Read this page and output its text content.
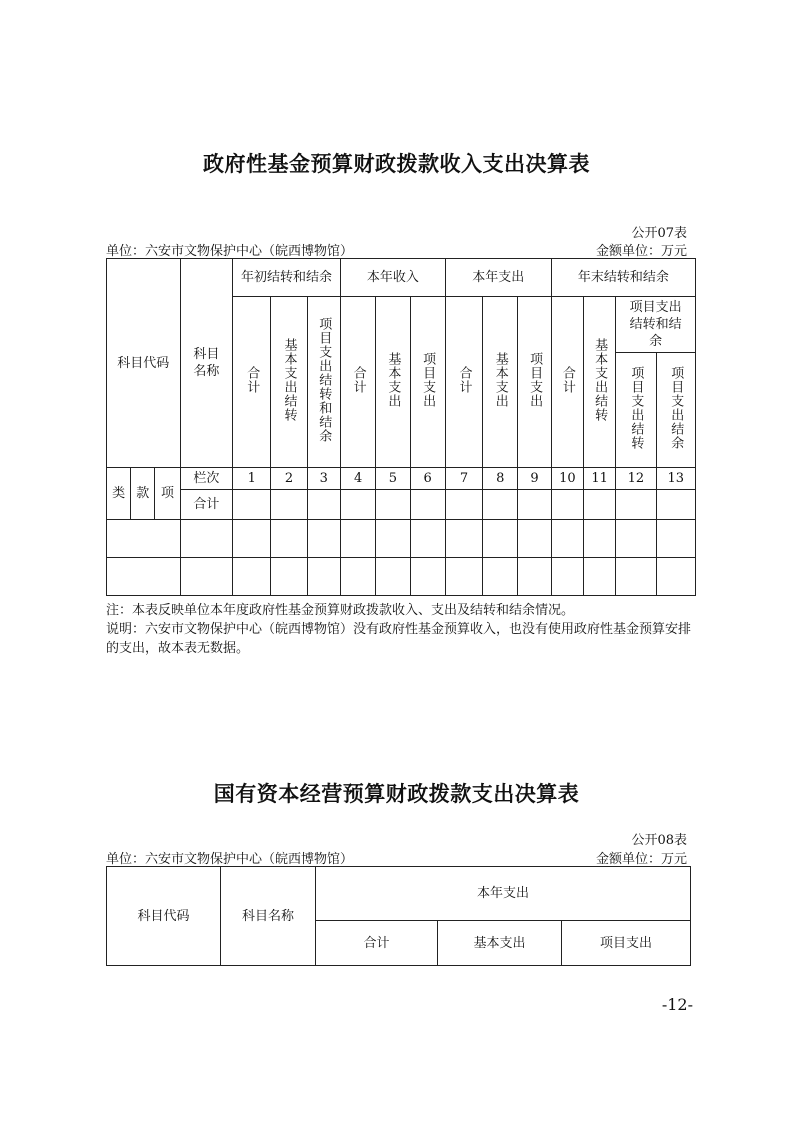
政府性基金预算财政拨款收入支出决算表
公开07表
单位：六安市文物保护中心（皖西博物馆）	金额单位：万元
科目代码			科目名称	年初结转和结余			本年收入			本年支出			年末结转和结余			
				合计	基本支出结转	项目支出结转和结余	合计	基本支出	项目支出	合计	基本支出	项目支出	合计	基本支出结转	项目支出结转和结余	
															项目支出结转	项目支出结余
类	款	项	栏次	1	2	3	4	5	6	7	8	9	10	11	12	13
			合计													

注：本表反映单位本年度政府性基金预算财政拨款收入、支出及结转和结余情况。
说明：六安市文物保护中心（皖西博物馆）没有政府性基金预算收入，也没有使用政府性基金预算安排的支出，故本表无数据。
国有资本经营预算财政拨款支出决算表
公开08表
单位：六安市文物保护中心（皖西博物馆）	金额单位：万元
科目代码	科目名称	本年支出		
		合计	基本支出	项目支出
-12-
